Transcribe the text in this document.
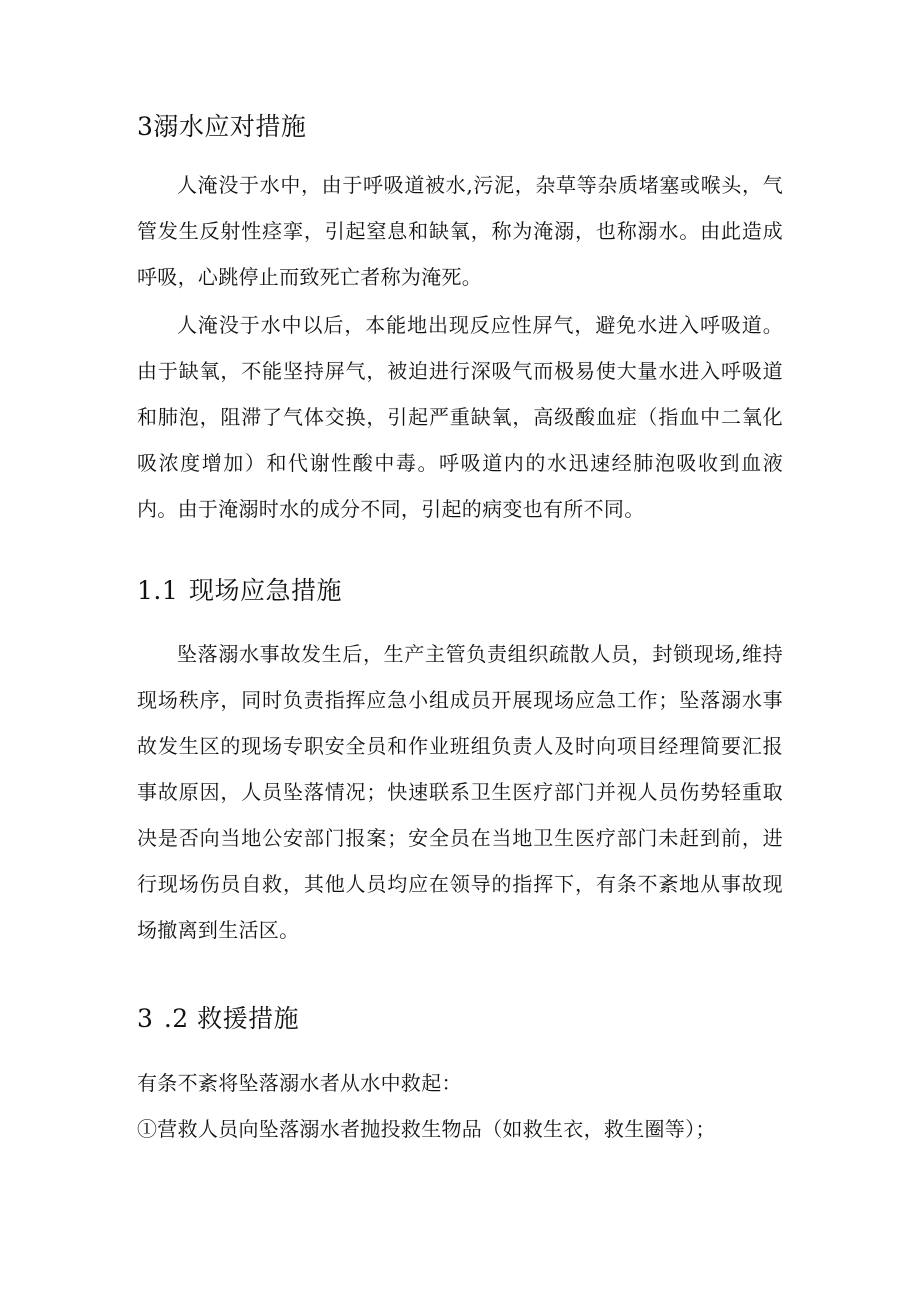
3溺水应对措施
人淹没于水中，由于呼吸道被水,污泥，杂草等杂质堵塞或喉头，气管发生反射性痉挛，引起窒息和缺氧，称为淹溺，也称溺水。由此造成呼吸，心跳停止而致死亡者称为淹死。
人淹没于水中以后，本能地出现反应性屏气，避免水进入呼吸道。由于缺氧，不能坚持屏气，被迫进行深吸气而极易使大量水进入呼吸道和肺泡，阻滞了气体交换，引起严重缺氧，高级酸血症（指血中二氧化吸浓度增加）和代谢性酸中毒。呼吸道内的水迅速经肺泡吸收到血液内。由于淹溺时水的成分不同，引起的病变也有所不同。
1.1 现场应急措施
坠落溺水事故发生后，生产主管负责组织疏散人员，封锁现场,维持现场秩序，同时负责指挥应急小组成员开展现场应急工作；坠落溺水事故发生区的现场专职安全员和作业班组负责人及时向项目经理简要汇报事故原因，人员坠落情况；快速联系卫生医疗部门并视人员伤势轻重取决是否向当地公安部门报案；安全员在当地卫生医疗部门未赶到前，进行现场伤员自救，其他人员均应在领导的指挥下，有条不紊地从事故现场撤离到生活区。
3 .2 救援措施
有条不紊将坠落溺水者从水中救起：
①营救人员向坠落溺水者抛投救生物品（如救生衣，救生圈等）；
